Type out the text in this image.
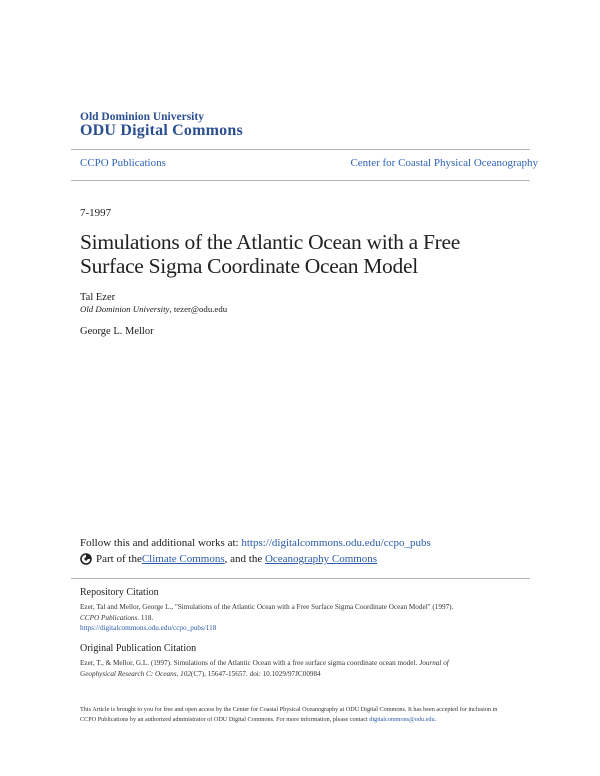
Old Dominion University
ODU Digital Commons
CCPO Publications	Center for Coastal Physical Oceanography
7-1997
Simulations of the Atlantic Ocean with a Free
Surface Sigma Coordinate Ocean Model
Tal Ezer
Old Dominion University, tezer@odu.edu
George L. Mellor
Follow this and additional works at: https://digitalcommons.odu.edu/ccpo_pubs
Part of the Climate Commons , and the Oceanography Commons
Repository Citation
Ezer, Tal and Mellor, George L., "Simulations of the Atlantic Ocean with a Free Surface Sigma Coordinate Ocean Model" (1997).
CCPO Publications. 118.
https://digitalcommons.odu.edu/ccpo_pubs/118
Original Publication Citation
Ezer, T., & Mellor, G.L. (1997). Simulations of the Atlantic Ocean with a free surface sigma coordinate ocean model. Journal of
Geophysical Research C: Oceans, 102(C7), 15647-15657. doi: 10.1029/97JC00984
This Article is brought to you for free and open access by the Center for Coastal Physical Oceanography at ODU Digital Commons. It has been accepted for inclusion in CCPO Publications by an authorized administrator of ODU Digital Commons. For more information, please contact digitalcommons@odu.edu.
